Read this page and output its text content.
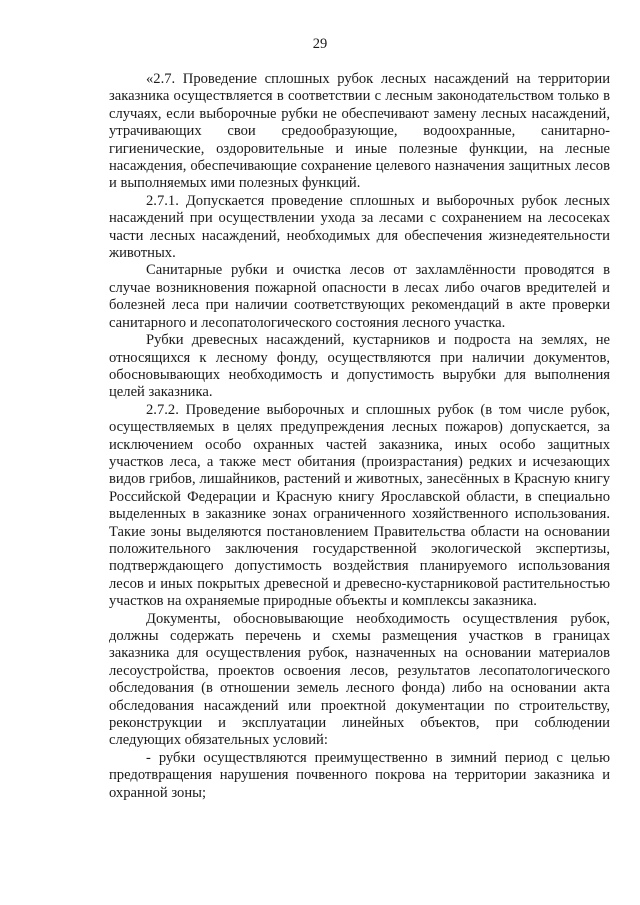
29

«2.7. Проведение сплошных рубок лесных насаждений на территории заказника осуществляется в соответствии с лесным законодательством только в случаях, если выборочные рубки не обеспечивают замену лесных насаждений, утрачивающих свои средообразующие, водоохранные, санитарно-гигиенические, оздоровительные и иные полезные функции, на лесные насаждения, обеспечивающие сохранение целевого назначения защитных лесов и выполняемых ими полезных функций.

2.7.1. Допускается проведение сплошных и выборочных рубок лесных насаждений при осуществлении ухода за лесами с сохранением на лесосеках части лесных насаждений, необходимых для обеспечения жизнедеятельности животных.

Санитарные рубки и очистка лесов от захламлённости проводятся в случае возникновения пожарной опасности в лесах либо очагов вредителей и болезней леса при наличии соответствующих рекомендаций в акте проверки санитарного и лесопатологического состояния лесного участка.

Рубки древесных насаждений, кустарников и подроста на землях, не относящихся к лесному фонду, осуществляются при наличии документов, обосновывающих необходимость и допустимость вырубки для выполнения целей заказника.

2.7.2. Проведение выборочных и сплошных рубок (в том числе рубок, осуществляемых в целях предупреждения лесных пожаров) допускается, за исключением особо охранных частей заказника, иных особо защитных участков леса, а также мест обитания (произрастания) редких и исчезающих видов грибов, лишайников, растений и животных, занесённых в Красную книгу Российской Федерации и Красную книгу Ярославской области, в специально выделенных в заказнике зонах ограниченного хозяйственного использования. Такие зоны выделяются постановлением Правительства области на основании положительного заключения государственной экологической экспертизы, подтверждающего допустимость воздействия планируемого использования лесов и иных покрытых древесной и древесно-кустарниковой растительностью участков на охраняемые природные объекты и комплексы заказника.

Документы, обосновывающие необходимость осуществления рубок, должны содержать перечень и схемы размещения участков в границах заказника для осуществления рубок, назначенных на основании материалов лесоустройства, проектов освоения лесов, результатов лесопатологического обследования (в отношении земель лесного фонда) либо на основании акта обследования насаждений или проектной документации по строительству, реконструкции и эксплуатации линейных объектов, при соблюдении следующих обязательных условий:

- рубки осуществляются преимущественно в зимний период с целью предотвращения нарушения почвенного покрова на территории заказника и охранной зоны;
